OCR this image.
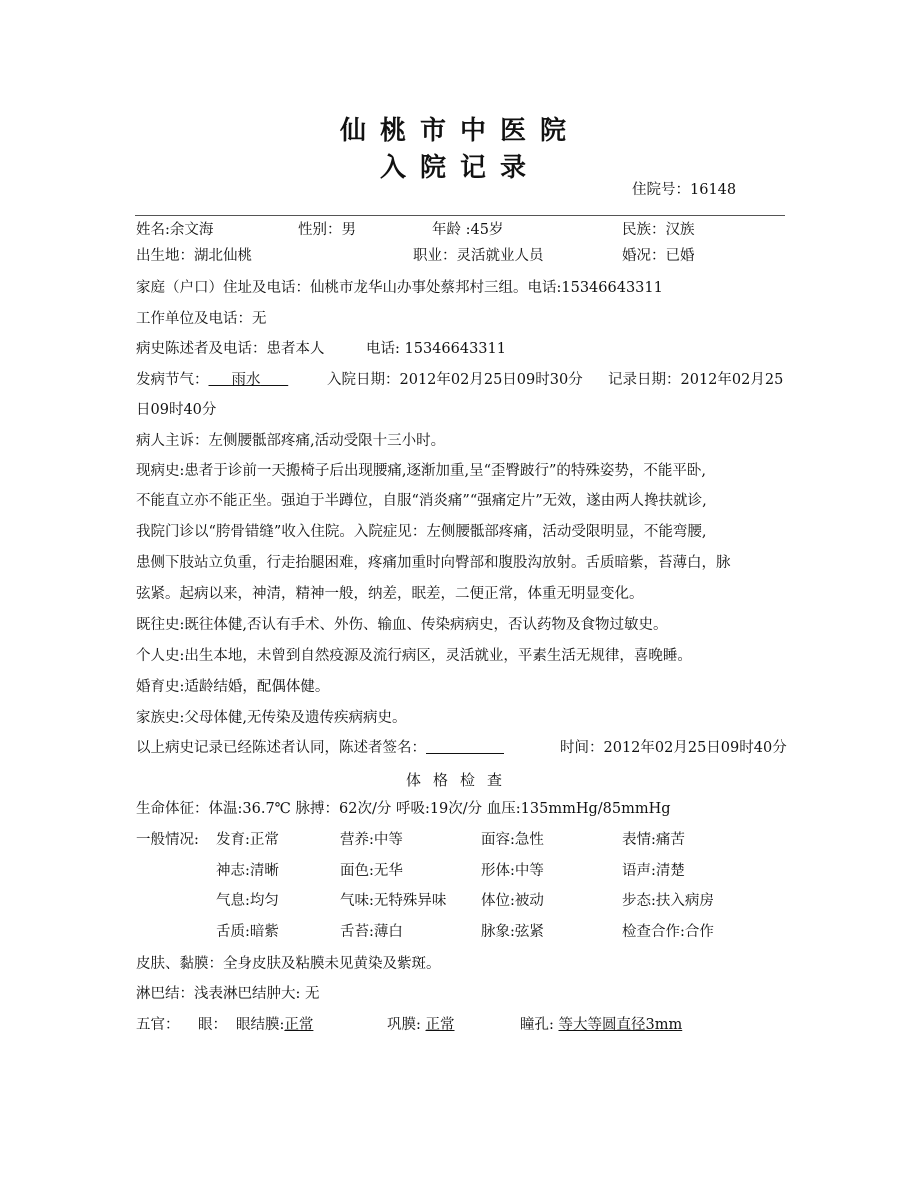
仙桃市中医院
入院记录
住院号：16148
姓名:余文海	性别：男	年龄 :45岁	民族：汉族
出生地：湖北仙桃	职业：灵活就业人员	婚况：已婚
家庭（户口）住址及电话：仙桃市龙华山办事处蔡邦村三组。电话:15346643311
工作单位及电话：无
病史陈述者及电话：患者本人	电话: 15346643311
发病节气： 雨水	入院日期：2012年02月25日09时30分 记录日期：2012年02月25
日09时40分
病人主诉：左侧腰骶部疼痛,活动受限十三小时。
现病史:患者于诊前一天搬椅子后出现腰痛,逐渐加重,呈“歪臀跛行”的特殊姿势，不能平卧,
不能直立亦不能正坐。强迫于半蹲位，自服“消炎痛”“强痛定片”无效，遂由两人搀扶就诊,
我院门诊以“胯骨错缝”收入住院。入院症见：左侧腰骶部疼痛，活动受限明显，不能弯腰,
患侧下肢站立负重，行走抬腿困难，疼痛加重时向臀部和腹股沟放射。舌质暗紫，苔薄白，脉
弦紧。起病以来，神清，精神一般，纳差，眠差，二便正常，体重无明显变化。
既往史:既往体健,否认有手术、外伤、输血、传染病病史，否认药物及食物过敏史。
个人史:出生本地，未曾到自然疫源及流行病区，灵活就业，平素生活无规律，喜晚睡。
婚育史:适龄结婚，配偶体健。
家族史:父母体健,无传染及遗传疾病病史。
以上病史记录已经陈述者认同，陈述者签名：	时间：2012年02月25日09时40分
体格检查
生命体征：体温:36.7℃ 脉搏：62次/分 呼吸:19次/分 血压:135mmHg/85mmHg
一般情况: 发育:正常	营养:中等	面容:急性	表情:痛苦
神志:清晰	面色:无华	形体:中等	语声:清楚
气息:均匀	气味:无特殊异味 体位:被动	步态:扶入病房
舌质:暗紫	舌苔:薄白	脉象:弦紧	检查合作:合作
皮肤、黏膜：全身皮肤及粘膜未见黄染及紫斑。
淋巴结：浅表淋巴结肿大: 无
五官： 眼： 眼结膜:正常	巩膜: 正常	瞳孔: 等大等圆直径3mm
